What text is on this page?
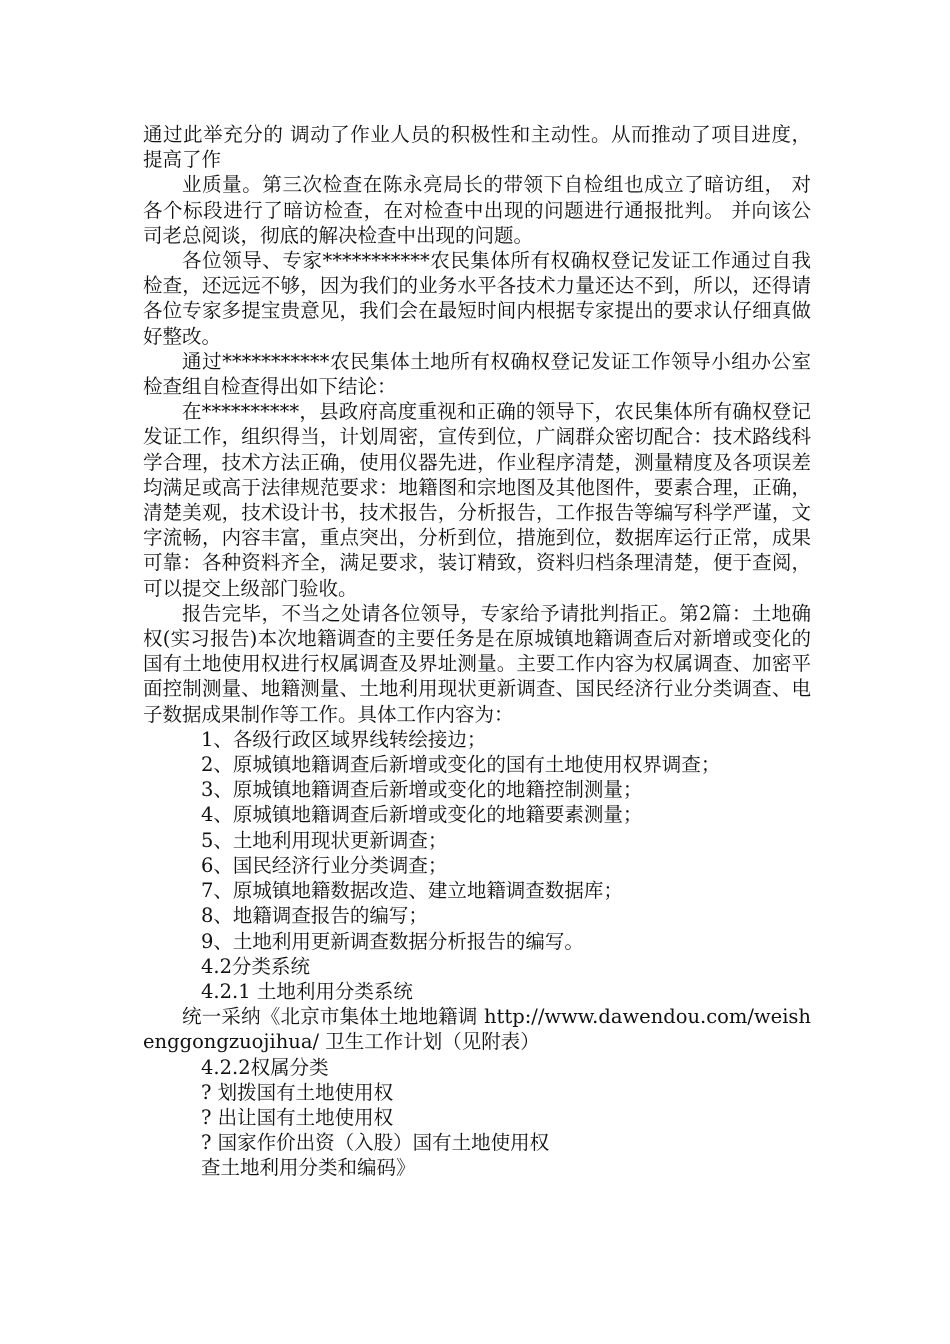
通过此举充分的 调动了作业人员的积极性和主动性。从而推动了项目进度，提高了作

业质量。第三次检查在陈永亮局长的带领下自检组也成立了暗访组， 对各个标段进行了暗访检查，在对检查中出现的问题进行通报批判。 并向该公司老总阅谈，彻底的解决检查中出现的问题。

各位领导、专家***********农民集体所有权确权登记发证工作通过自我检查，还远远不够，因为我们的业务水平各技术力量还达不到，所以，还得请各位专家多提宝贵意见，我们会在最短时间内根据专家提出的要求认仔细真做好整改。

通过***********农民集体土地所有权确权登记发证工作领导小组办公室检查组自检查得出如下结论：

在**********，县政府高度重视和正确的领导下，农民集体所有确权登记发证工作，组织得当，计划周密，宣传到位，广阔群众密切配合：技术路线科学合理，技术方法正确，使用仪器先进，作业程序清楚，测量精度及各项误差均满足或高于法律规范要求：地籍图和宗地图及其他图件，要素合理，正确，清楚美观，技术设计书，技术报告，分析报告，工作报告等编写科学严谨，文字流畅，内容丰富，重点突出，分析到位，措施到位，数据库运行正常，成果可靠：各种资料齐全，满足要求，装订精致，资料归档条理清楚，便于查阅，可以提交上级部门验收。

报告完毕，不当之处请各位领导，专家给予请批判指正。第2篇：土地确权(实习报告)本次地籍调查的主要任务是在原城镇地籍调查后对新增或变化的国有土地使用权进行权属调查及界址测量。主要工作内容为权属调查、加密平面控制测量、地籍测量、土地利用现状更新调查、国民经济行业分类调查、电子数据成果制作等工作。具体工作内容为：

1、各级行政区域界线转绘接边；

2、原城镇地籍调查后新增或变化的国有土地使用权界调查；

3、原城镇地籍调查后新增或变化的地籍控制测量；

4、原城镇地籍调查后新增或变化的地籍要素测量；

5、土地利用现状更新调查；

6、国民经济行业分类调查；

7、原城镇地籍数据改造、建立地籍调查数据库；

8、地籍调查报告的编写；

9、土地利用更新调查数据分析报告的编写。

4.2分类系统

4.2.1 土地利用分类系统

统一采纳《北京市集体土地地籍调 http://www.dawendou.com/weishenggongzuojihua/ 卫生工作计划（见附表）

4.2.2权属分类

? 划拨国有土地使用权

? 出让国有土地使用权

? 国家作价出资（入股）国有土地使用权

查土地利用分类和编码》
